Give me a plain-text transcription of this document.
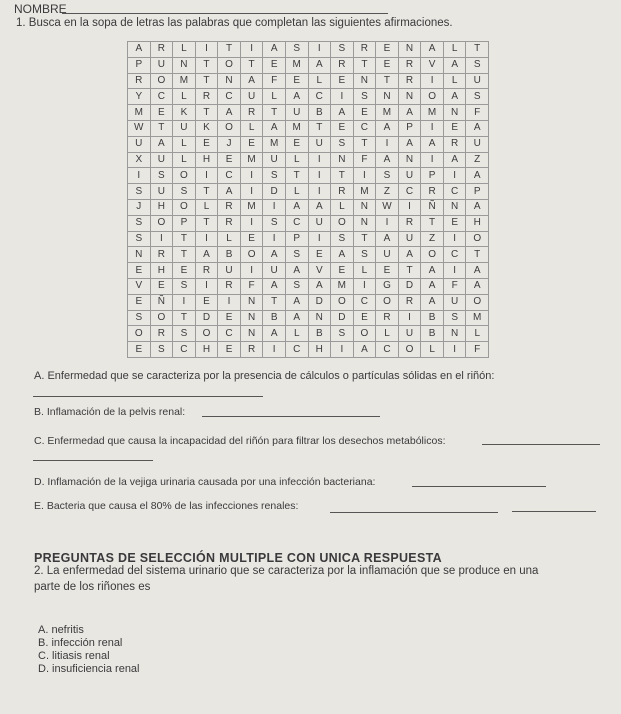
NOMBRE
1. Busca en la sopa de letras las palabras que completan las siguientes afirmaciones.
A	R	L	I	T	I	A	S	I	S	R	E	N	A	L	T
P	U	N	T	O	T	E	M	A	R	T	E	R	V	A	S
R	O	M	T	N	A	F	E	L	E	N	T	R	I	L	U
Y	C	L	R	C	U	L	A	C	I	S	N	N	O	A	S
M	E	K	T	A	R	T	U	B	A	E	M	A	M	N	F
W	T	U	K	O	L	A	M	T	E	C	A	P	I	E	A
U	A	L	E	J	E	M	E	U	S	T	I	A	A	R	U
X	U	L	H	E	M	U	L	I	N	F	A	N	I	A	Z
I	S	O	I	C	I	S	T	I	T	I	S	U	P	I	A
S	U	S	T	A	I	D	L	I	R	M	Z	C	R	C	P
J	H	O	L	R	M	I	A	A	L	N	W	I	Ñ	N	A
S	O	P	T	R	I	S	C	U	O	N	I	R	T	E	H
S	I	T	I	L	E	I	P	I	S	T	A	U	Z	I	O
N	R	T	A	B	O	A	S	E	A	S	U	A	O	C	T
E	H	E	R	U	I	U	A	V	E	L	E	T	A	I	A
V	E	S	I	R	F	A	S	A	M	I	G	D	A	F	A
E	Ñ	I	E	I	N	T	A	D	O	C	O	R	A	U	O
S	O	T	D	E	N	B	A	N	D	E	R	I	B	S	M
O	R	S	O	C	N	A	L	B	S	O	L	U	B	N	L
E	S	C	H	E	R	I	C	H	I	A	C	O	L	I	F
A. Enfermedad que se caracteriza por la presencia de cálculos o partículas sólidas en el riñón:
B. Inflamación de la pelvis renal:
C. Enfermedad que causa la incapacidad del riñón para filtrar los desechos metabólicos:
D. Inflamación de la vejiga urinaria causada por una infección bacteriana:
E. Bacteria que causa el 80% de las infecciones renales:
PREGUNTAS DE SELECCIÓN MULTIPLE CON UNICA RESPUESTA
2. La enfermedad del sistema urinario que se caracteriza por la inflamación que se produce en una
parte de los riñones es
A. nefritis
B. infección renal
C. litiasis renal
D. insuficiencia renal
